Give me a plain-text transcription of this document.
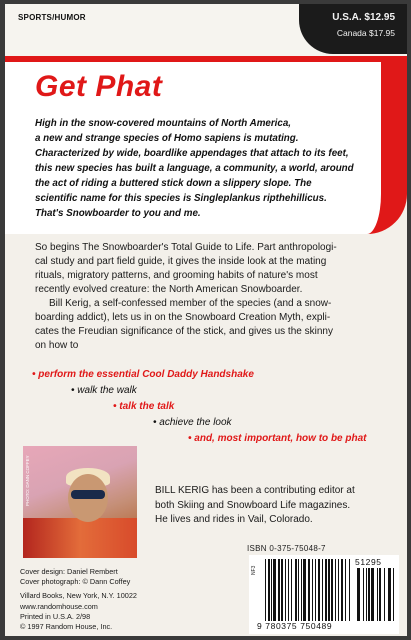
SPORTS/HUMOR	U.S.A. $12.95
Canada $17.95
Get Phat
High in the snow-covered mountains of North America,
a new and strange species of Homo sapiens is mutating.
Characterized by wide, boardlike appendages that attach to its feet,
this new species has built a language, a community, a world, around
the act of riding a buttered stick down a slippery slope. The
scientific name for this species is Singleplankus ripthehillicus.
That's Snowboarder to you and me.
So begins The Snowboarder's Total Guide to Life. Part anthropologi-
cal study and part field guide, it gives the inside look at the mating
rituals, migratory patterns, and grooming habits of nature's most
recently evolved creature: the North American Snowboarder.
Bill Kerig, a self-confessed member of the species (and a snow-
boarding addict), lets us in on the Snowboard Creation Myth, expli-
cates the Freudian significance of the stick, and gives us the skinny
on how to
• perform the essential Cool Daddy Handshake
• walk the walk
• talk the talk
• achieve the look
• and, most important, how to be phat
PHOTO: DANN COFFEY	BILL KERIG has been a contributing editor at
both Skiing and Snowboard Life magazines.
He lives and rides in Vail, Colorado.
Cover design: Daniel Rembert
Cover photograph: © Dann Coffey
Villard Books, New York, N.Y. 10022
www.randomhouse.com
Printed in U.S.A. 2/98
© 1997 Random House, Inc.
ISBN 0-375-75048-7
NF3
51295
9 780375 750489
